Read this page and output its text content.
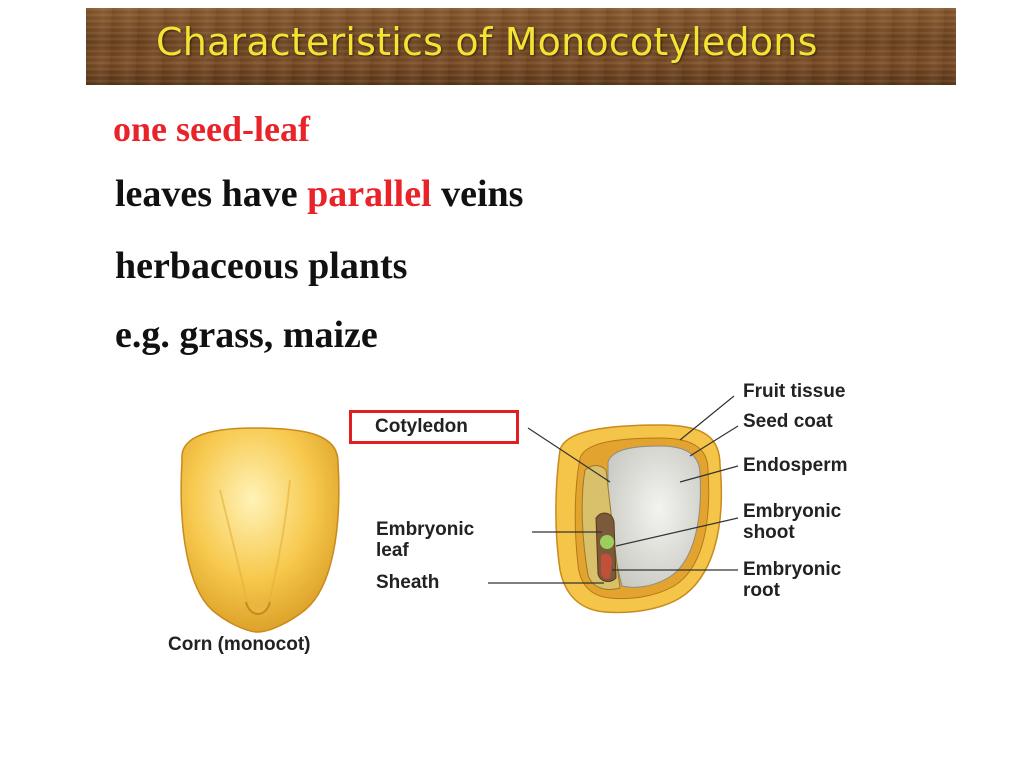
Characteristics of Monocotyledons
one seed-leaf
leaves have parallel veins
herbaceous plants
e.g. grass, maize
Cotyledon
Embryonic
leaf
Sheath
Corn (monocot)
Fruit tissue
Seed coat
Endosperm
Embryonic
shoot
Embryonic
root
